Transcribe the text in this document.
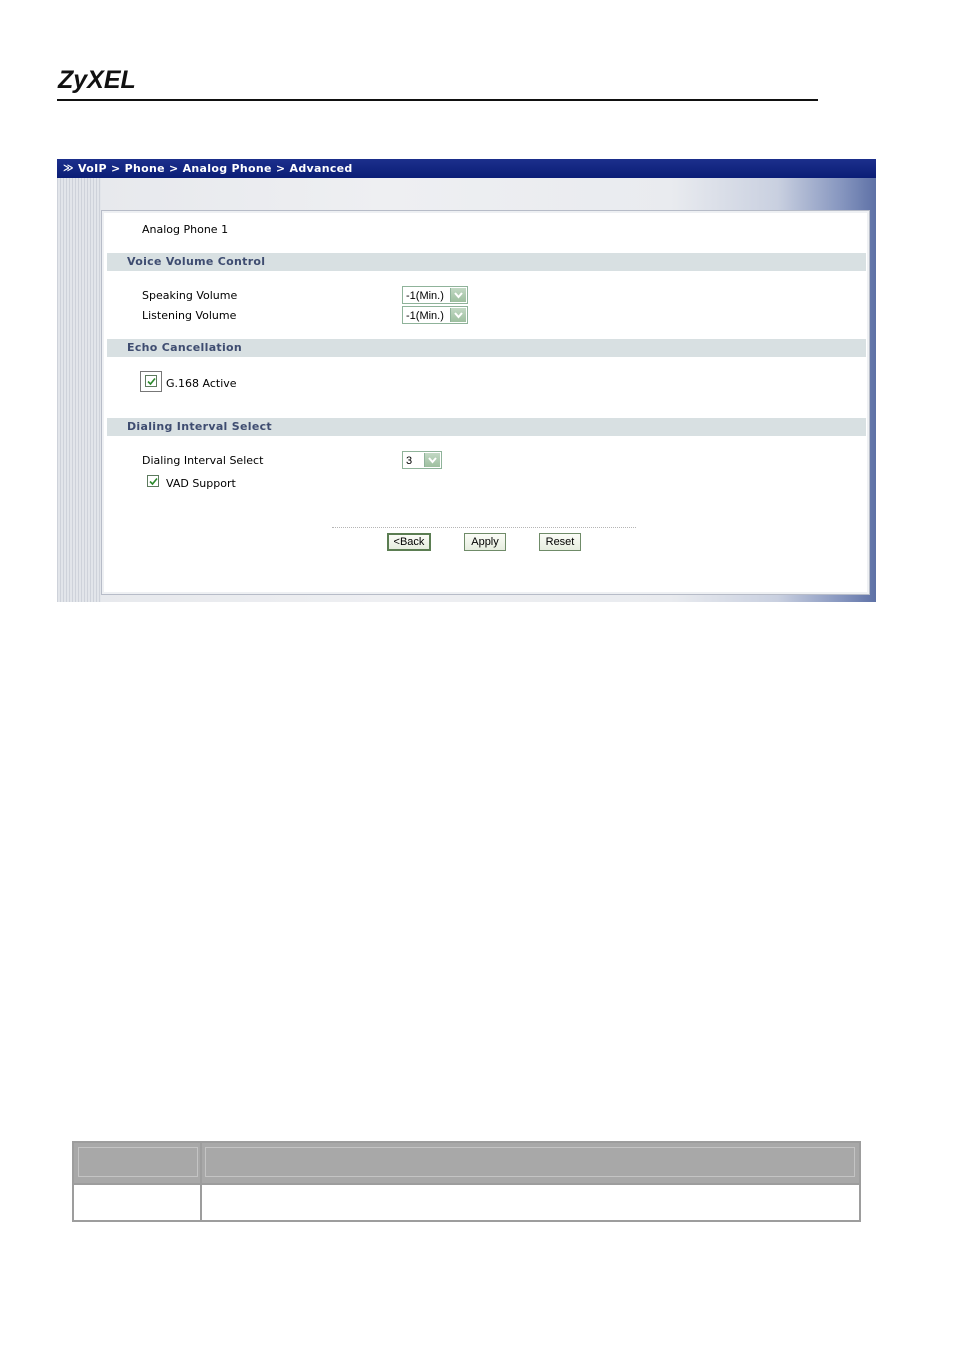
ZyXEL
≫ VoIP > Phone > Analog Phone > Advanced
Analog Phone 1
Voice Volume Control
Speaking Volume	-1(Min.)
Listening Volume	-1(Min.)
Echo Cancellation
G.168 Active
Dialing Interval Select
Dialing Interval Select	3
VAD Support
<Back	Apply	Reset
